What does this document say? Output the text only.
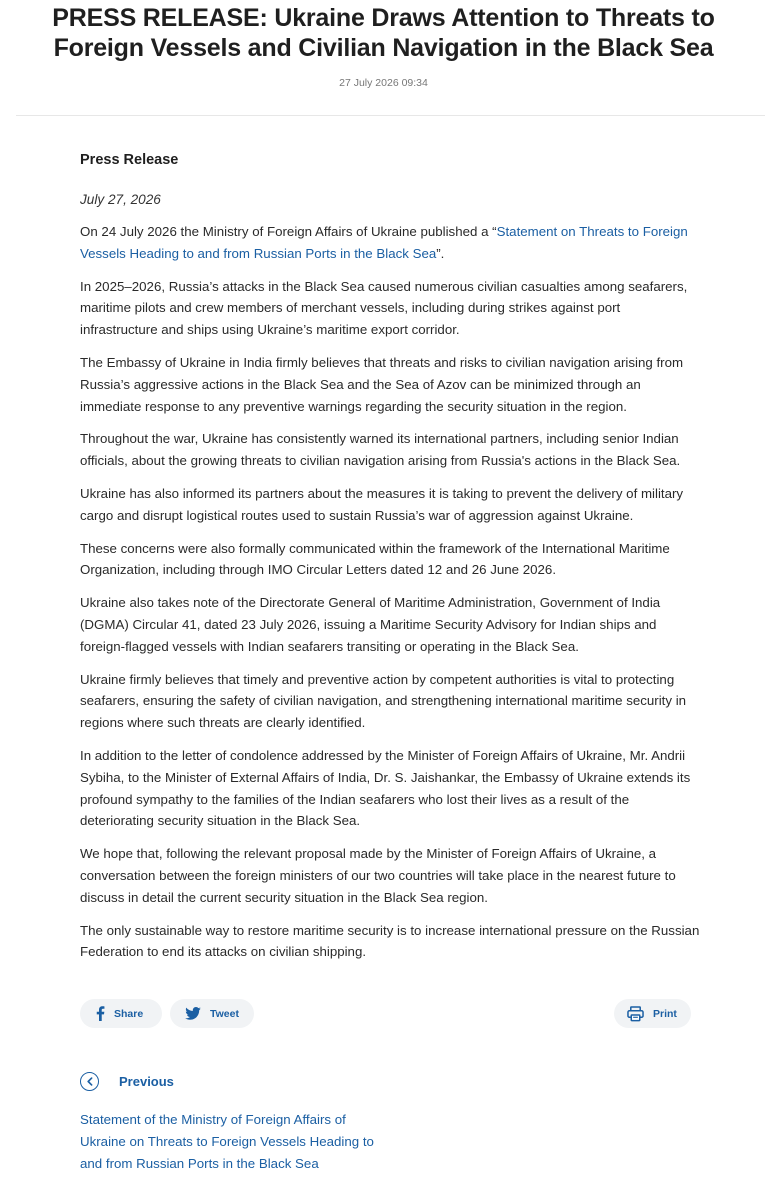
PRESS RELEASE: Ukraine Draws Attention to Threats to Foreign Vessels and Civilian Navigation in the Black Sea
27 July 2026 09:34

Press Release

July 27, 2026

On 24 July 2026 the Ministry of Foreign Affairs of Ukraine published a “Statement on Threats to Foreign Vessels Heading to and from Russian Ports in the Black Sea”.

In 2025–2026, Russia’s attacks in the Black Sea caused numerous civilian casualties among seafarers, maritime pilots and crew members of merchant vessels, including during strikes against port infrastructure and ships using Ukraine’s maritime export corridor.

The Embassy of Ukraine in India firmly believes that threats and risks to civilian navigation arising from Russia’s aggressive actions in the Black Sea and the Sea of Azov can be minimized through an immediate response to any preventive warnings regarding the security situation in the region.

Throughout the war, Ukraine has consistently warned its international partners, including senior Indian officials, about the growing threats to civilian navigation arising from Russia's actions in the Black Sea.

Ukraine has also informed its partners about the measures it is taking to prevent the delivery of military cargo and disrupt logistical routes used to sustain Russia’s war of aggression against Ukraine.

These concerns were also formally communicated within the framework of the International Maritime Organization, including through IMO Circular Letters dated 12 and 26 June 2026.

Ukraine also takes note of the Directorate General of Maritime Administration, Government of India (DGMA) Circular 41, dated 23 July 2026, issuing a Maritime Security Advisory for Indian ships and foreign-flagged vessels with Indian seafarers transiting or operating in the Black Sea.

Ukraine firmly believes that timely and preventive action by competent authorities is vital to protecting seafarers, ensuring the safety of civilian navigation, and strengthening international maritime security in regions where such threats are clearly identified.

In addition to the letter of condolence addressed by the Minister of Foreign Affairs of Ukraine, Mr. Andrii Sybiha, to the Minister of External Affairs of India, Dr. S. Jaishankar, the Embassy of Ukraine extends its profound sympathy to the families of the Indian seafarers who lost their lives as a result of the deteriorating security situation in the Black Sea.

We hope that, following the relevant proposal made by the Minister of Foreign Affairs of Ukraine, a conversation between the foreign ministers of our two countries will take place in the nearest future to discuss in detail the current security situation in the Black Sea region.

The only sustainable way to restore maritime security is to increase international pressure on the Russian Federation to end its attacks on civilian shipping.

Share	Tweet	Print
Previous
Statement of the Ministry of Foreign Affairs of Ukraine on Threats to Foreign Vessels Heading to and from Russian Ports in the Black Sea
